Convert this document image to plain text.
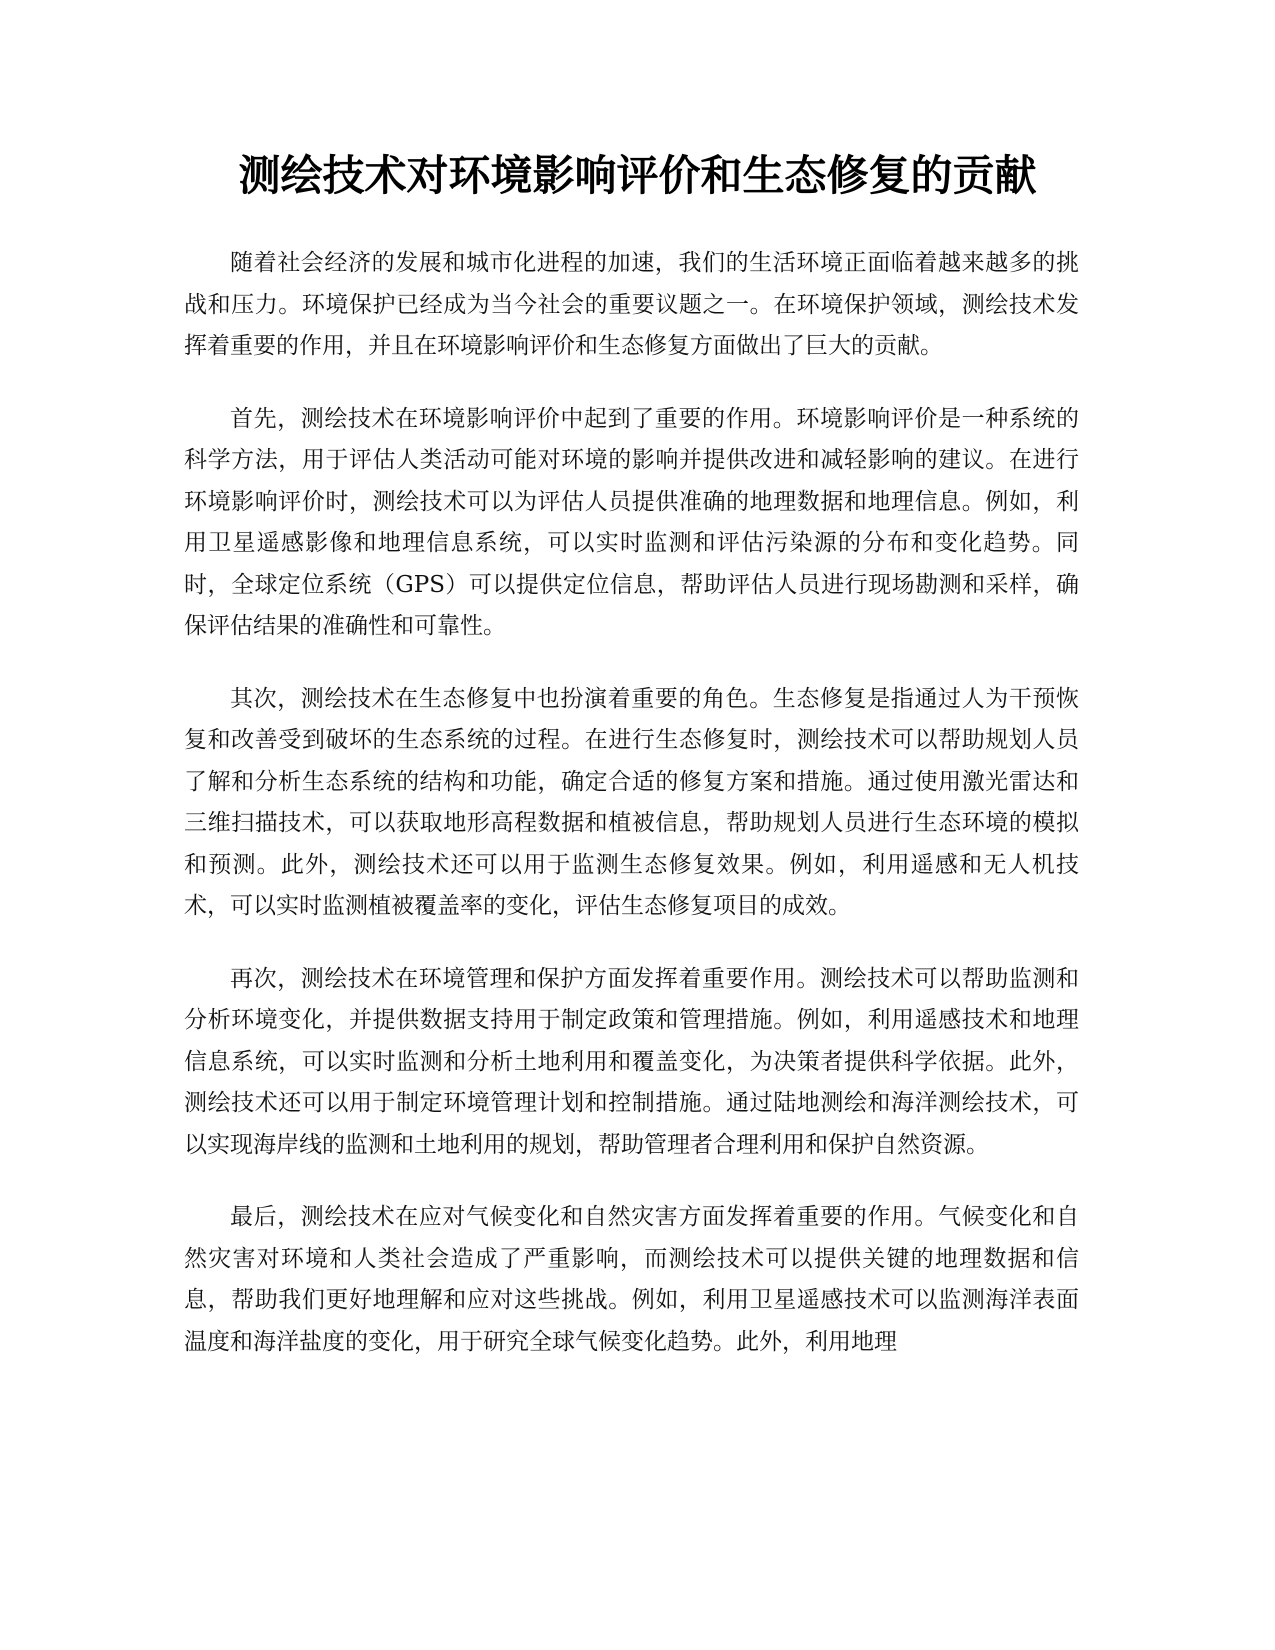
测绘技术对环境影响评价和生态修复的贡献

随着社会经济的发展和城市化进程的加速，我们的生活环境正面临着越来越多的挑战和压力。环境保护已经成为当今社会的重要议题之一。在环境保护领域，测绘技术发挥着重要的作用，并且在环境影响评价和生态修复方面做出了巨大的贡献。

首先，测绘技术在环境影响评价中起到了重要的作用。环境影响评价是一种系统的科学方法，用于评估人类活动可能对环境的影响并提供改进和减轻影响的建议。在进行环境影响评价时，测绘技术可以为评估人员提供准确的地理数据和地理信息。例如，利用卫星遥感影像和地理信息系统，可以实时监测和评估污染源的分布和变化趋势。同时，全球定位系统（GPS）可以提供定位信息，帮助评估人员进行现场勘测和采样，确保评估结果的准确性和可靠性。

其次，测绘技术在生态修复中也扮演着重要的角色。生态修复是指通过人为干预恢复和改善受到破坏的生态系统的过程。在进行生态修复时，测绘技术可以帮助规划人员了解和分析生态系统的结构和功能，确定合适的修复方案和措施。通过使用激光雷达和三维扫描技术，可以获取地形高程数据和植被信息，帮助规划人员进行生态环境的模拟和预测。此外，测绘技术还可以用于监测生态修复效果。例如，利用遥感和无人机技术，可以实时监测植被覆盖率的变化，评估生态修复项目的成效。

再次，测绘技术在环境管理和保护方面发挥着重要作用。测绘技术可以帮助监测和分析环境变化，并提供数据支持用于制定政策和管理措施。例如，利用遥感技术和地理信息系统，可以实时监测和分析土地利用和覆盖变化，为决策者提供科学依据。此外，测绘技术还可以用于制定环境管理计划和控制措施。通过陆地测绘和海洋测绘技术，可以实现海岸线的监测和土地利用的规划，帮助管理者合理利用和保护自然资源。

最后，测绘技术在应对气候变化和自然灾害方面发挥着重要的作用。气候变化和自然灾害对环境和人类社会造成了严重影响，而测绘技术可以提供关键的地理数据和信息，帮助我们更好地理解和应对这些挑战。例如，利用卫星遥感技术可以监测海洋表面温度和海洋盐度的变化，用于研究全球气候变化趋势。此外，利用地理
